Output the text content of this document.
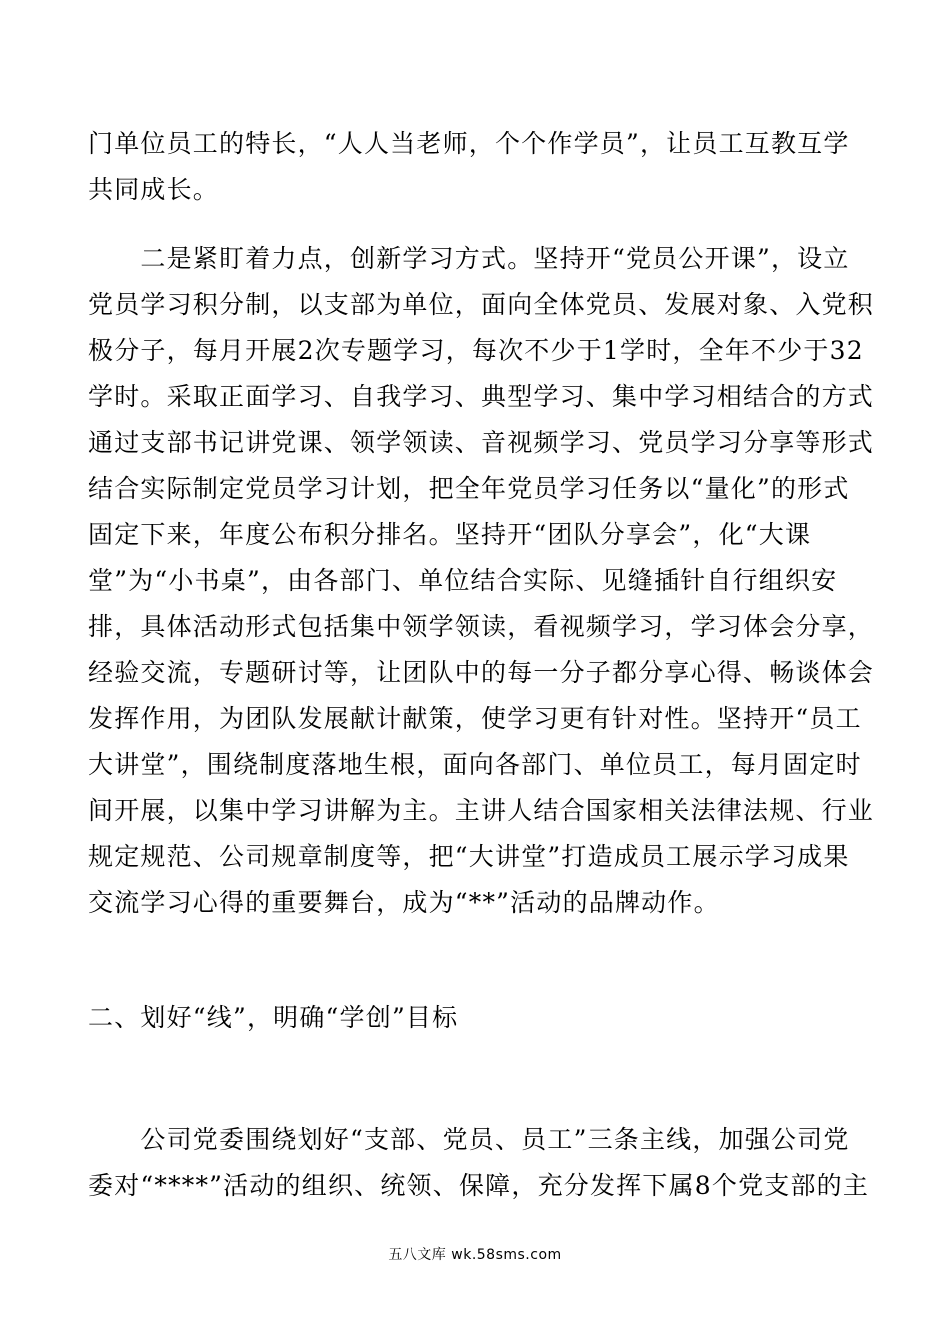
门单位员工的特长，“人人当老师，个个作学员”，让员工互教互学
共同成长。
　　二是紧盯着力点，创新学习方式。坚持开“党员公开课”，设立
党员学习积分制，以支部为单位，面向全体党员、发展对象、入党积
极分子，每月开展2次专题学习，每次不少于1学时，全年不少于32
学时。采取正面学习、自我学习、典型学习、集中学习相结合的方式
通过支部书记讲党课、领学领读、音视频学习、党员学习分享等形式
结合实际制定党员学习计划，把全年党员学习任务以“量化”的形式
固定下来，年度公布积分排名。坚持开“团队分享会”，化“大课
堂”为“小书桌”，由各部门、单位结合实际、见缝插针自行组织安
排，具体活动形式包括集中领学领读，看视频学习，学习体会分享，
经验交流，专题研讨等，让团队中的每一分子都分享心得、畅谈体会
发挥作用，为团队发展献计献策，使学习更有针对性。坚持开“员工
大讲堂”，围绕制度落地生根，面向各部门、单位员工，每月固定时
间开展，以集中学习讲解为主。主讲人结合国家相关法律法规、行业
规定规范、公司规章制度等，把“大讲堂”打造成员工展示学习成果
交流学习心得的重要舞台，成为“**”活动的品牌动作。
二、划好“线”，明确“学创”目标
　　公司党委围绕划好“支部、党员、员工”三条主线，加强公司党
委对“****”活动的组织、统领、保障，充分发挥下属8个党支部的主
五八文库 wk.58sms.com
